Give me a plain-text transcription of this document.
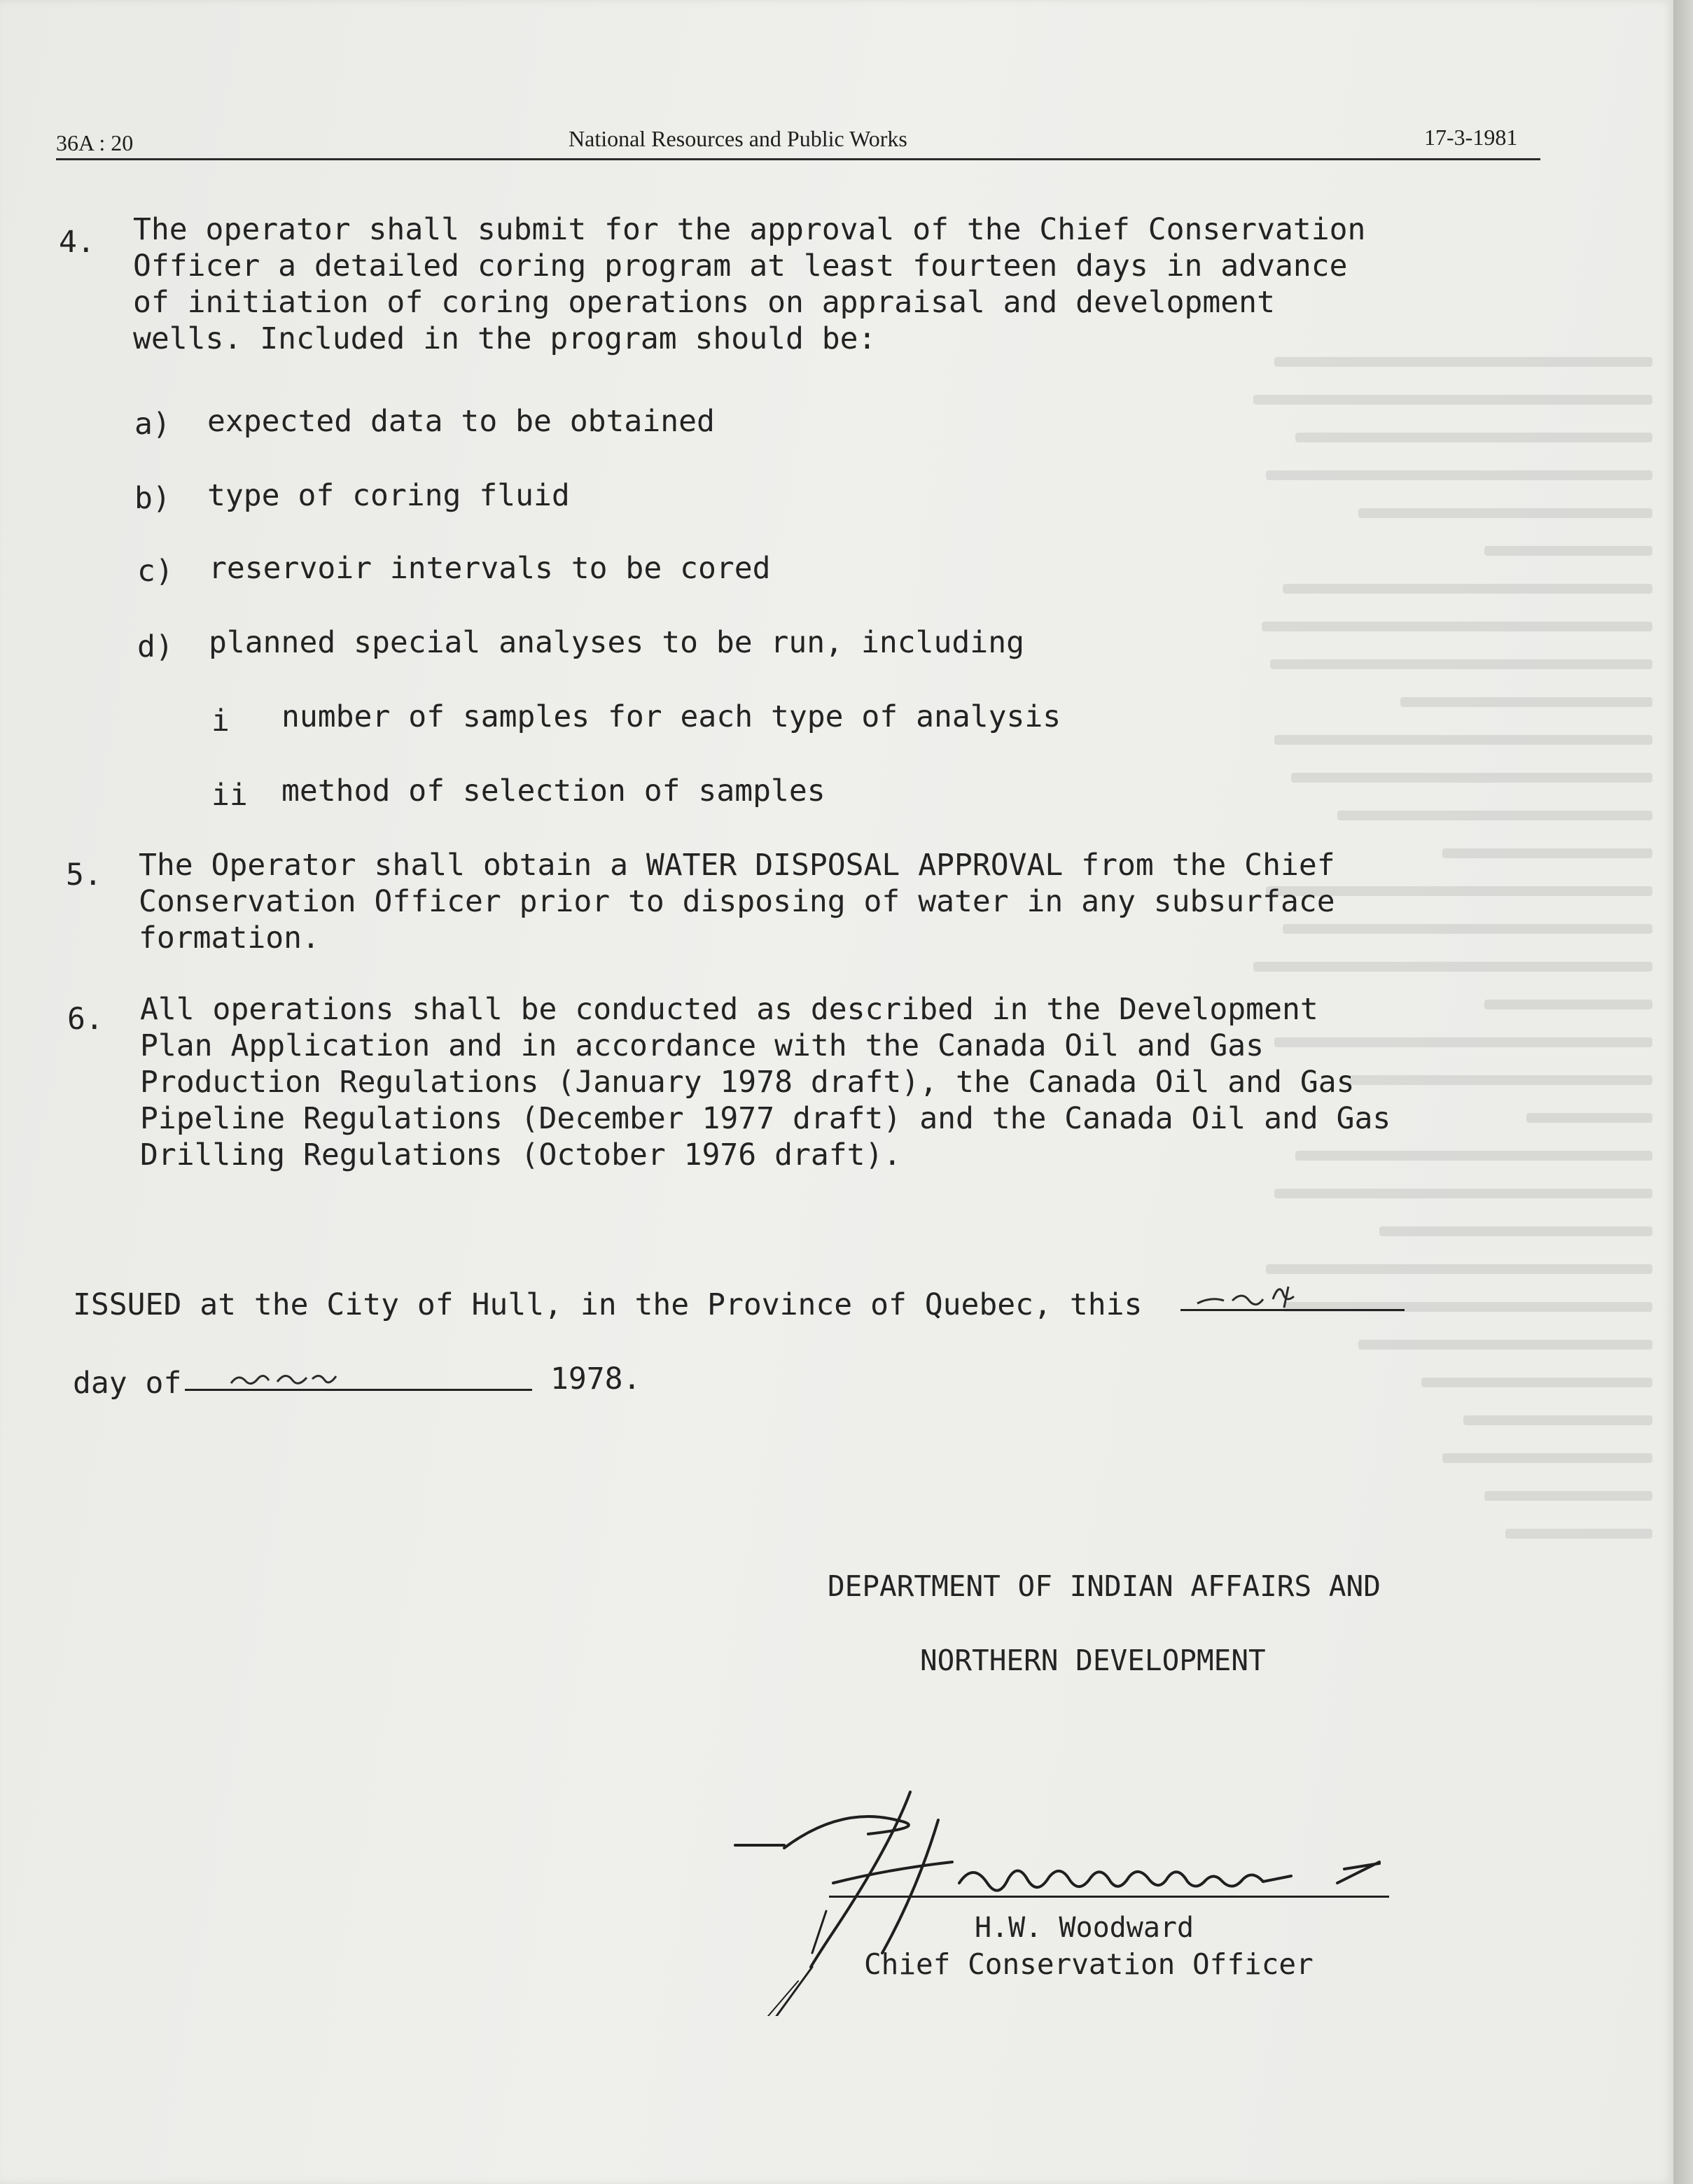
36A : 20	National Resources and Public Works	17-3-1981
4. The operator shall submit for the approval of the Chief Conservation
Officer a detailed coring program at least fourteen days in advance
of initiation of coring operations on appraisal and development
wells. Included in the program should be:
a) expected data to be obtained
b) type of coring fluid
c) reservoir intervals to be cored
d) planned special analyses to be run, including
i number of samples for each type of analysis
ii method of selection of samples
5. The Operator shall obtain a WATER DISPOSAL APPROVAL from the Chief
Conservation Officer prior to disposing of water in any subsurface
formation.
6. All operations shall be conducted as described in the Development
Plan Application and in accordance with the Canada Oil and Gas
Production Regulations (January 1978 draft), the Canada Oil and Gas
Pipeline Regulations (December 1977 draft) and the Canada Oil and Gas
Drilling Regulations (October 1976 draft).
ISSUED at the City of Hull, in the Province of Quebec, this
day of	1978.
DEPARTMENT OF INDIAN AFFAIRS AND
NORTHERN DEVELOPMENT
H.W. Woodward
Chief Conservation Officer
